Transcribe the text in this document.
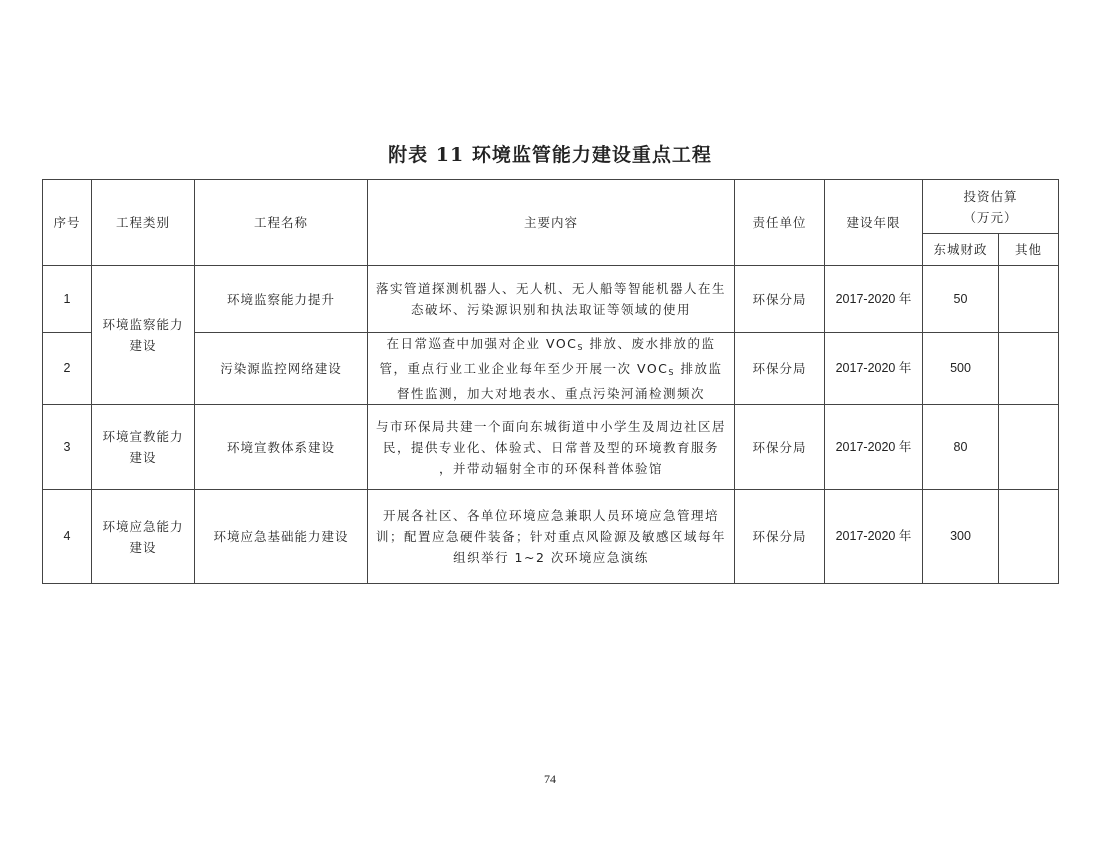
附表 11 环境监管能力建设重点工程
序号	工程类别	工程名称	主要内容	责任单位	建设年限	投资估算
（万元）	

						东城财政	其他
1	环境监察能力建设	环境监察能力提升	落实管道探测机器人、无人机、无人船等智能机器人在生态破坏、污染源识别和执法取证等领域的使用	环保分局	2017-2020 年	50	
2		污染源监控网络建设	在日常巡查中加强对企业 $VOC_S$ 排放、废水排放的监管，重点行业工业企业每年至少开展一次 $VOC_S$ 排放监督性监测，加大对地表水、重点污染河涌检测频次	环保分局	2017-2020 年	500	
3	环境宣教能力建设	环境宣教体系建设	与市环保局共建一个面向东城街道中小学生及周边社区居民，提供专业化、体验式、日常普及型的环境教育服务 ，并带动辐射全市的环保科普体验馆	环保分局	2017-2020 年	80	
4	环境应急能力建设	环境应急基础能力建设	开展各社区、各单位环境应急兼职人员环境应急管理培训；配置应急硬件装备；针对重点风险源及敏感区域每年组织举行 1~2 次环境应急演练	环保分局	2017-2020 年	300	
74
